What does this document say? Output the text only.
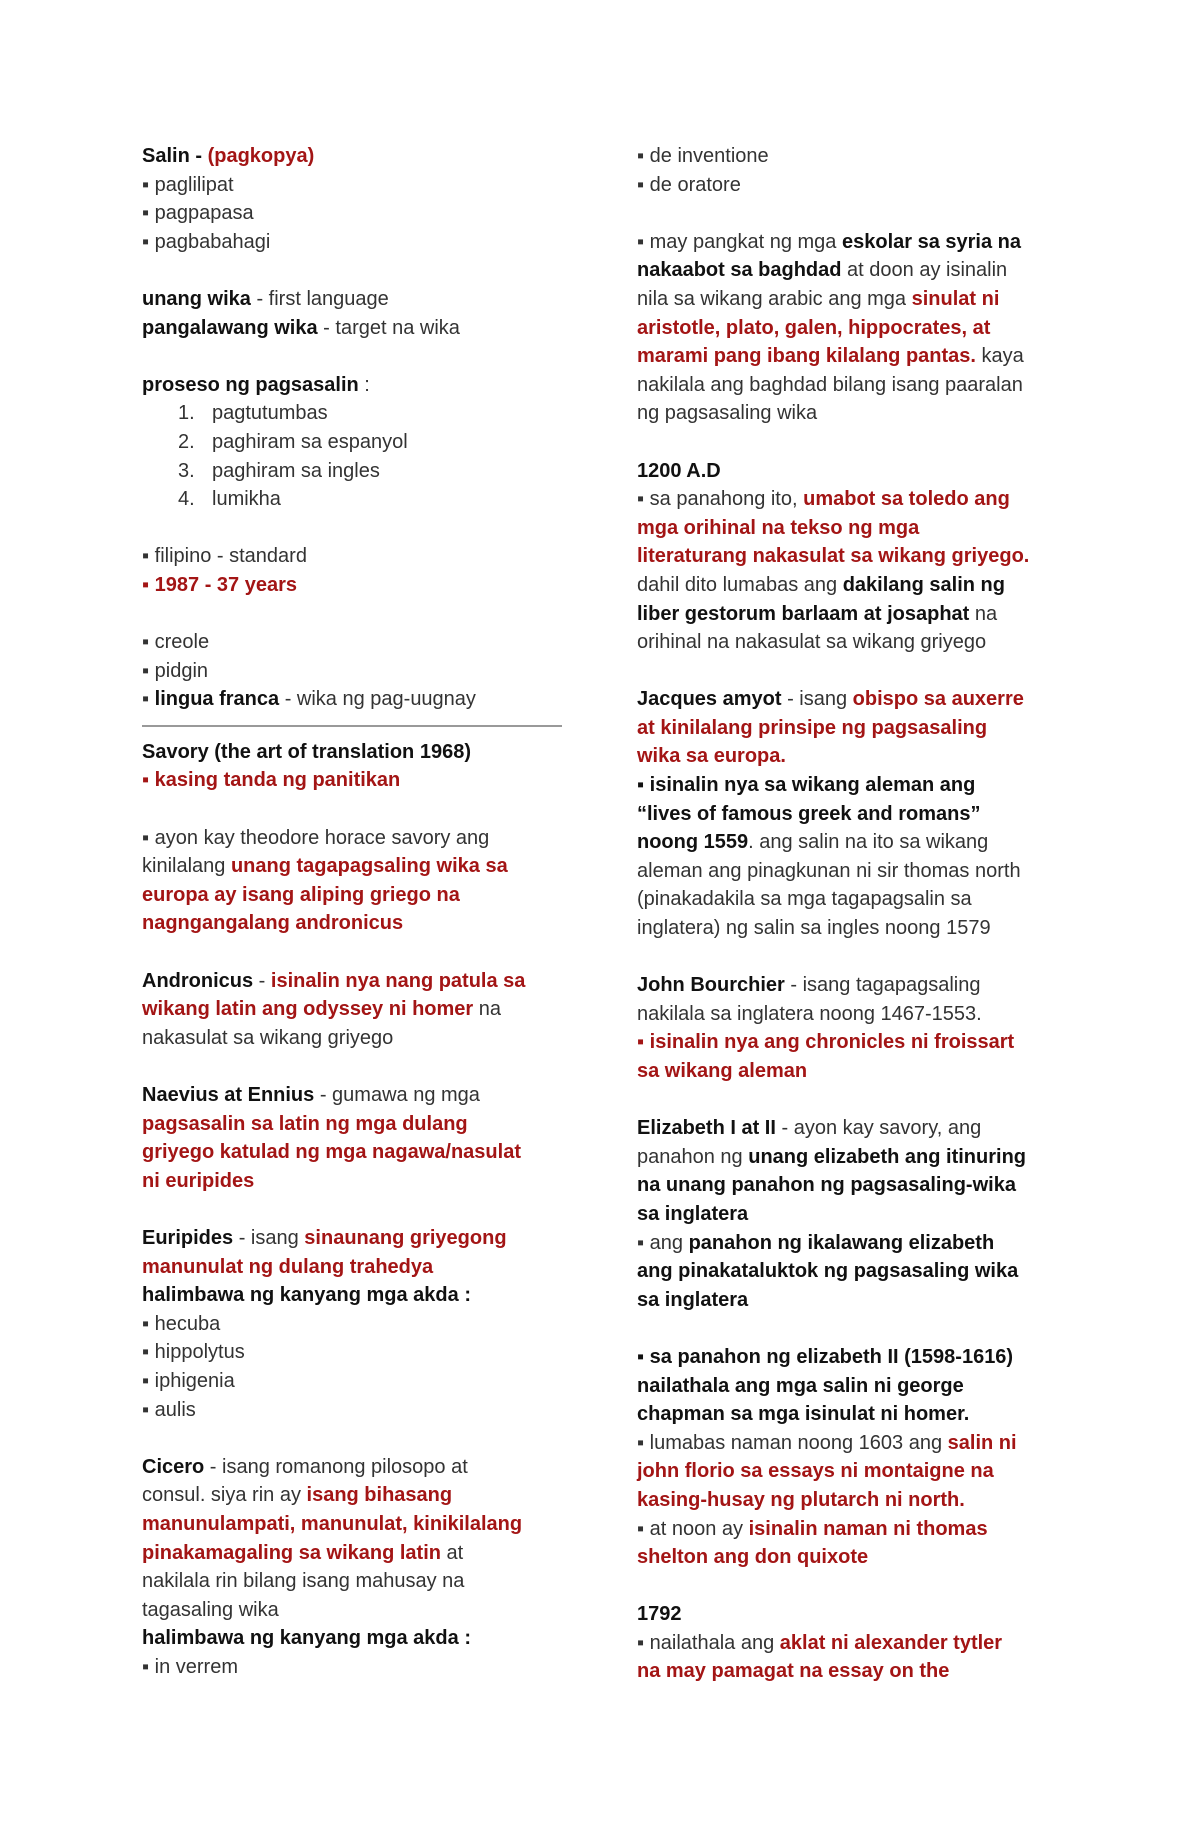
Salin - (pagkopya)
▪ paglilipat
▪ pagpapasa
▪ pagbabahagi
unang wika - first language
pangalawang wika - target na wika
proseso ng pagsasalin :
1. pagtutumbas
2. paghiram sa espanyol
3. paghiram sa ingles
4. lumikha
▪ filipino - standard
▪ 1987 - 37 years
▪ creole
▪ pidgin
▪ lingua franca - wika ng pag-uugnay
Savory (the art of translation 1968)
▪ kasing tanda ng panitikan
▪ ayon kay theodore horace savory ang
kinilalang unang tagapagsaling wika sa
europa ay isang aliping griego na
nagngangalang andronicus
Andronicus - isinalin nya nang patula sa
wikang latin ang odyssey ni homer na
nakasulat sa wikang griyego
Naevius at Ennius - gumawa ng mga
pagsasalin sa latin ng mga dulang
griyego katulad ng mga nagawa/nasulat
ni euripides
Euripides - isang sinaunang griyegong
manunulat ng dulang trahedya
halimbawa ng kanyang mga akda :
▪ hecuba
▪ hippolytus
▪ iphigenia
▪ aulis
Cicero - isang romanong pilosopo at
consul. siya rin ay isang bihasang
manunulampati, manunulat, kinikilalang
pinakamagaling sa wikang latin at
nakilala rin bilang isang mahusay na
tagasaling wika
halimbawa ng kanyang mga akda :
▪ in verrem
▪ de inventione
▪ de oratore
▪ may pangkat ng mga eskolar sa syria na
nakaabot sa baghdad at doon ay isinalin
nila sa wikang arabic ang mga sinulat ni
aristotle, plato, galen, hippocrates, at
marami pang ibang kilalang pantas. kaya
nakilala ang baghdad bilang isang paaralan
ng pagsasaling wika
1200 A.D
▪ sa panahong ito, umabot sa toledo ang
mga orihinal na tekso ng mga
literaturang nakasulat sa wikang griyego.
dahil dito lumabas ang dakilang salin ng
liber gestorum barlaam at josaphat na
orihinal na nakasulat sa wikang griyego
Jacques amyot - isang obispo sa auxerre
at kinilalang prinsipe ng pagsasaling
wika sa europa.
▪ isinalin nya sa wikang aleman ang
“lives of famous greek and romans”
noong 1559. ang salin na ito sa wikang
aleman ang pinagkunan ni sir thomas north
(pinakadakila sa mga tagapagsalin sa
inglatera) ng salin sa ingles noong 1579
John Bourchier - isang tagapagsaling
nakilala sa inglatera noong 1467-1553.
▪ isinalin nya ang chronicles ni froissart
sa wikang aleman
Elizabeth I at II - ayon kay savory, ang
panahon ng unang elizabeth ang itinuring
na unang panahon ng pagsasaling-wika
sa inglatera
▪ ang panahon ng ikalawang elizabeth
ang pinakataluktok ng pagsasaling wika
sa inglatera
▪ sa panahon ng elizabeth II (1598-1616)
nailathala ang mga salin ni george
chapman sa mga isinulat ni homer.
▪ lumabas naman noong 1603 ang salin ni
john florio sa essays ni montaigne na
kasing-husay ng plutarch ni north.
▪ at noon ay isinalin naman ni thomas
shelton ang don quixote
1792
▪ nailathala ang aklat ni alexander tytler
na may pamagat na essay on the
